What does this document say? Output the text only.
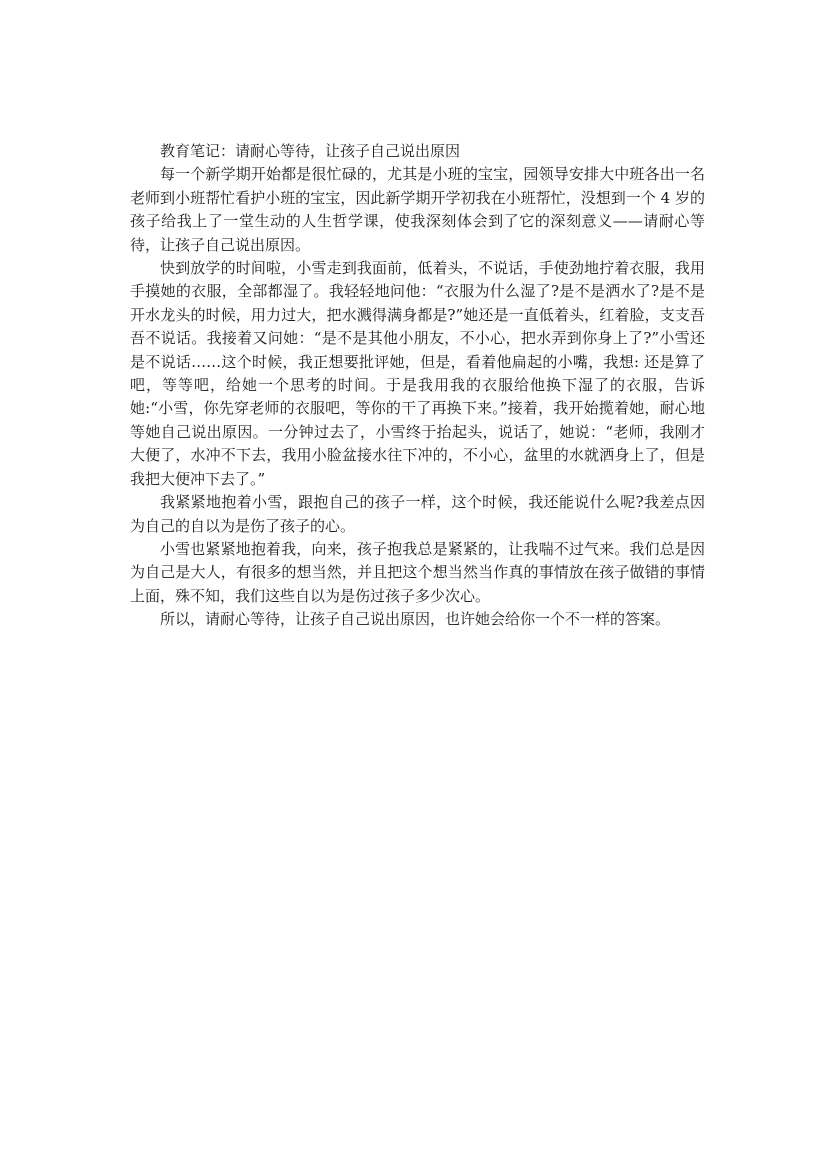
教育笔记：请耐心等待，让孩子自己说出原因

每一个新学期开始都是很忙碌的，尤其是小班的宝宝，园领导安排大中班各出一名老师到小班帮忙看护小班的宝宝，因此新学期开学初我在小班帮忙，没想到一个 4 岁的孩子给我上了一堂生动的人生哲学课，使我深刻体会到了它的深刻意义——请耐心等待，让孩子自己说出原因。

快到放学的时间啦，小雪走到我面前，低着头，不说话，手使劲地拧着衣服，我用手摸她的衣服，全部都湿了。我轻轻地问他：“衣服为什么湿了?是不是洒水了?是不是开水龙头的时候，用力过大，把水溅得满身都是?”她还是一直低着头，红着脸，支支吾吾不说话。我接着又问她：“是不是其他小朋友，不小心，把水弄到你身上了?”小雪还是不说话……这个时候，我正想要批评她，但是，看着他扁起的小嘴，我想: 还是算了吧，等等吧，给她一个思考的时间。于是我用我的衣服给他换下湿了的衣服，告诉她:“小雪，你先穿老师的衣服吧，等你的干了再换下来。”接着，我开始揽着她，耐心地等她自己说出原因。一分钟过去了，小雪终于抬起头，说话了，她说：“老师，我刚才大便了，水冲不下去，我用小脸盆接水往下冲的，不小心，盆里的水就洒身上了，但是我把大便冲下去了。”

我紧紧地抱着小雪，跟抱自己的孩子一样，这个时候，我还能说什么呢?我差点因为自己的自以为是伤了孩子的心。

小雪也紧紧地抱着我，向来，孩子抱我总是紧紧的，让我喘不过气来。我们总是因为自己是大人，有很多的想当然，并且把这个想当然当作真的事情放在孩子做错的事情上面，殊不知，我们这些自以为是伤过孩子多少次心。

所以，请耐心等待，让孩子自己说出原因，也许她会给你一个不一样的答案。
